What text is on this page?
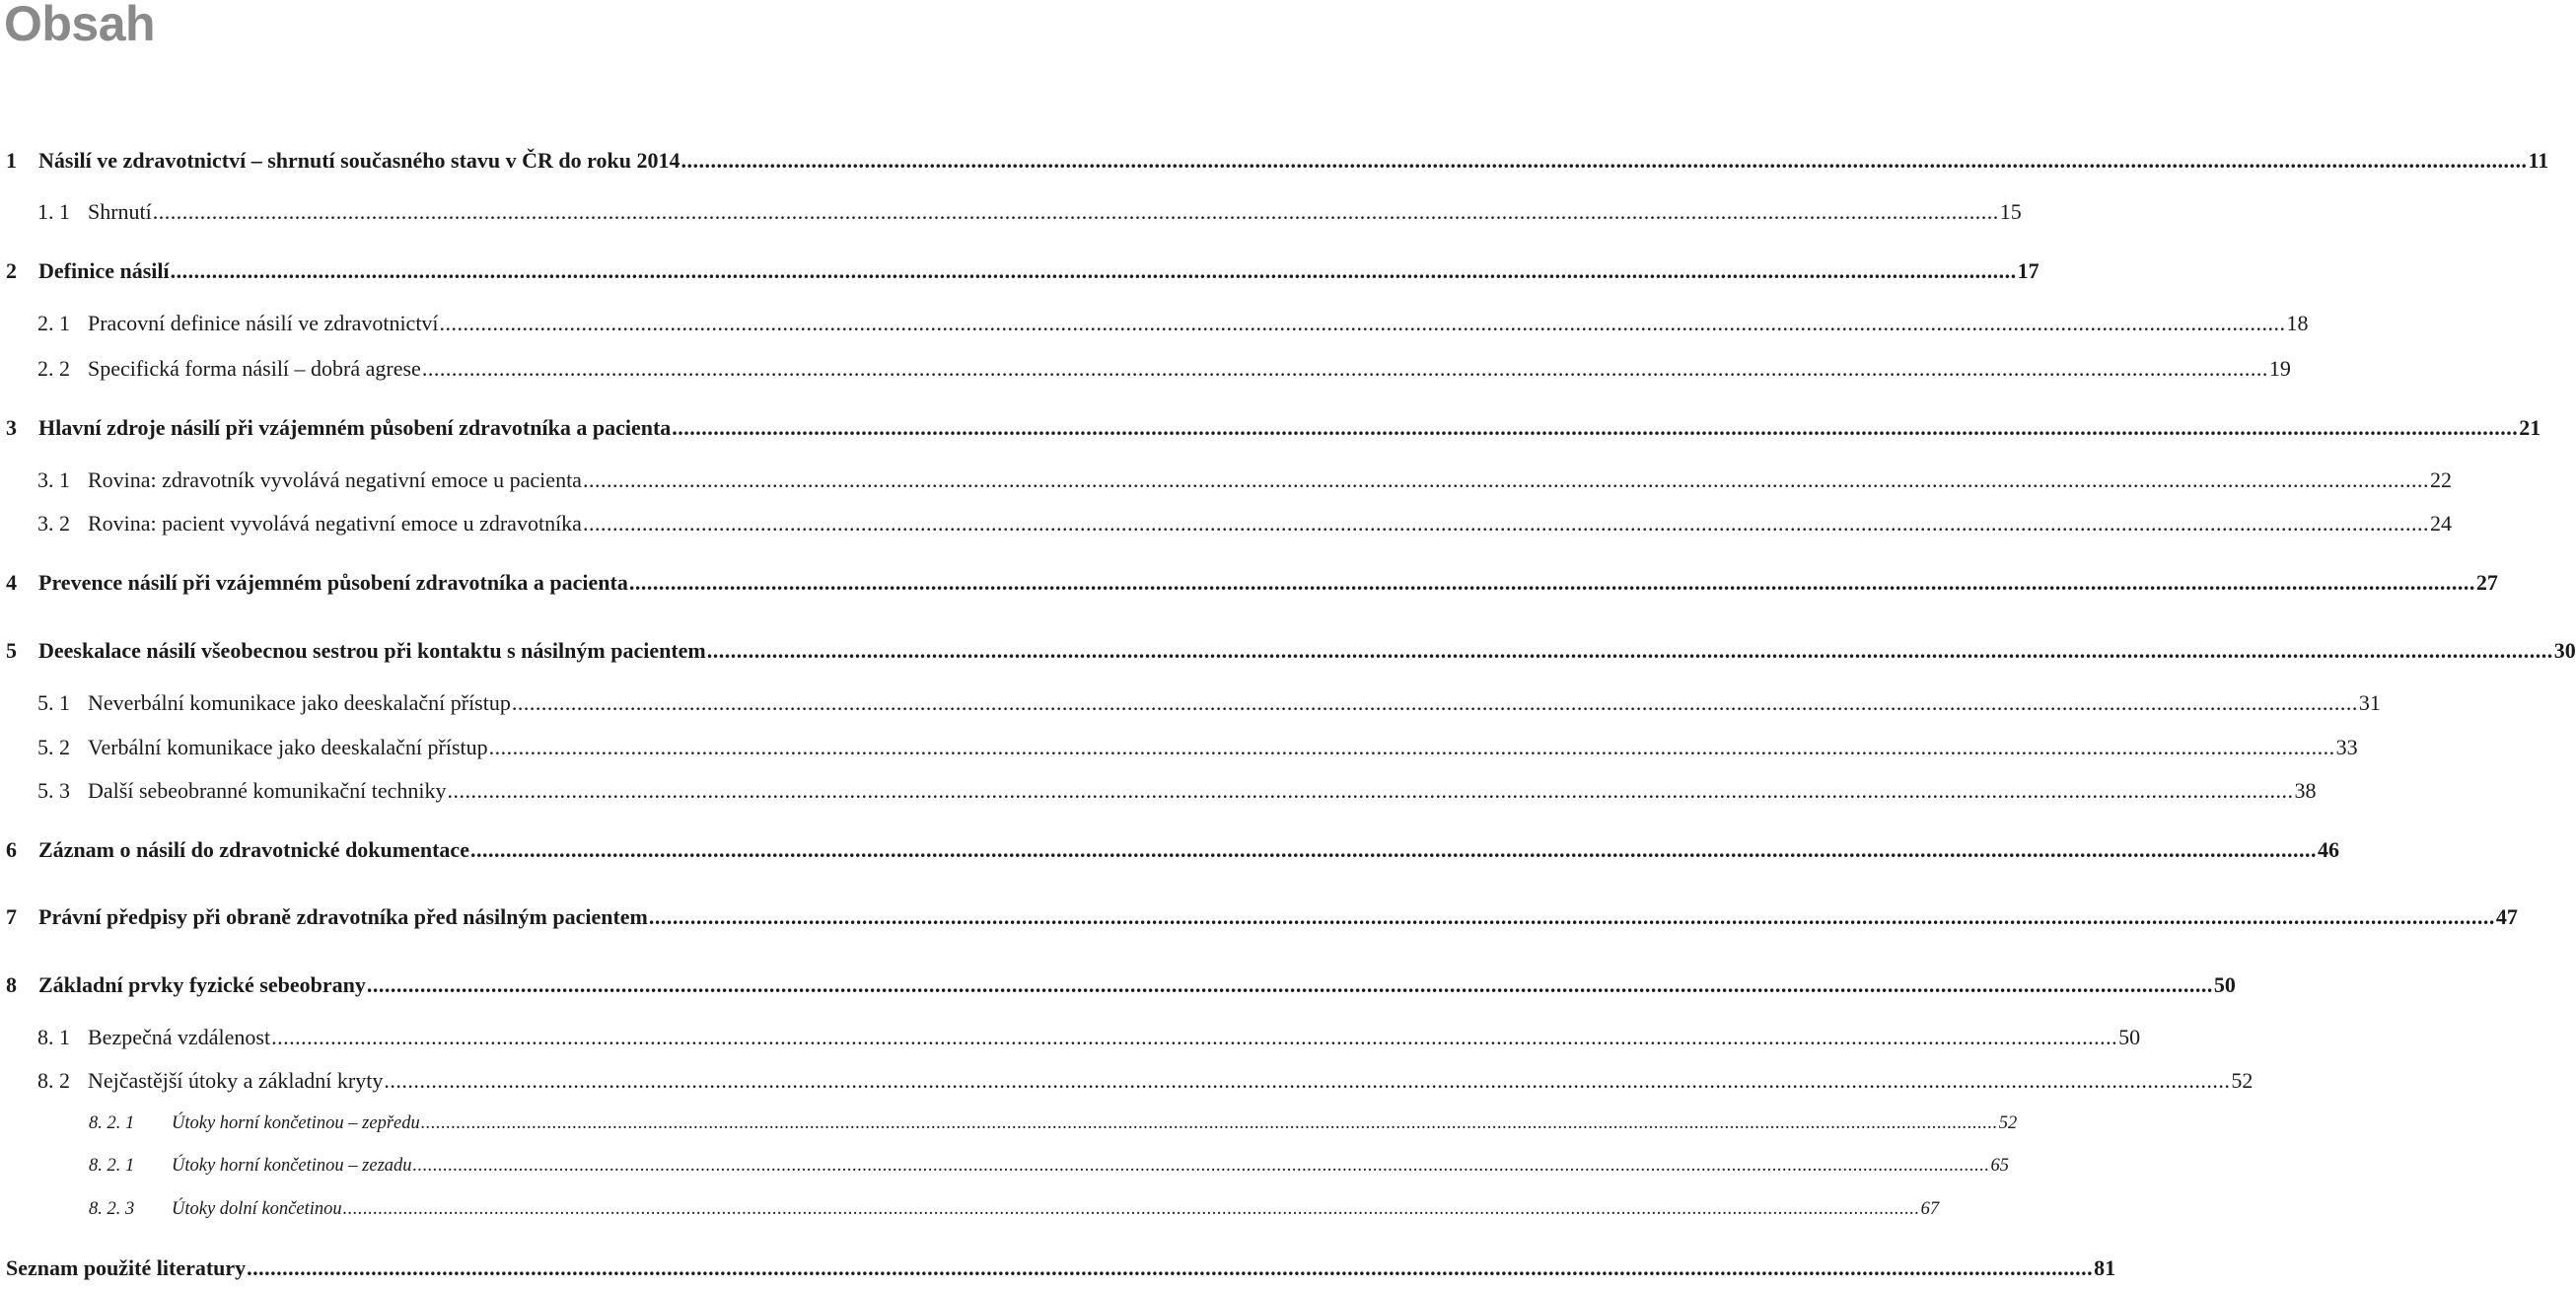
Obsah
1	Násilí ve zdravotnictví – shrnutí současného stavu v ČR do roku 2014 .....	11
1. 1 Shrnutí .....	15
2	Definice násilí .....	17
2. 1 Pracovní definice násilí ve zdravotnictví .....	18
2. 2 Specifická forma násilí – dobrá agrese .....	19
3	Hlavní zdroje násilí při vzájemném působení zdravotníka a pacienta .....	21
3. 1 Rovina: zdravotník vyvolává negativní emoce u pacienta .....	22
3. 2 Rovina: pacient vyvolává negativní emoce u zdravotníka .....	24
4	Prevence násilí při vzájemném působení zdravotníka a pacienta .....	27
5	Deeskalace násilí všeobecnou sestrou při kontaktu s násilným pacientem .....	30
5. 1 Neverbální komunikace jako deeskalační přístup .....	31
5. 2 Verbální komunikace jako deeskalační přístup .....	33
5. 3 Další sebeobranné komunikační techniky .....	38
6	Záznam o násilí do zdravotnické dokumentace .....	46
7	Právní předpisy při obraně zdravotníka před násilným pacientem .....	47
8	Základní prvky fyzické sebeobrany .....	50
8. 1 Bezpečná vzdálenost .....	50
8. 2 Nejčastější útoky a základní kryty .....	52
8. 2. 1	Útoky horní končetinou – zepředu .....	52
8. 2. 1	Útoky horní končetinou – zezadu .....	65
8. 2. 3	Útoky dolní končetinou .....	67
Seznam použité literatury .....	81
